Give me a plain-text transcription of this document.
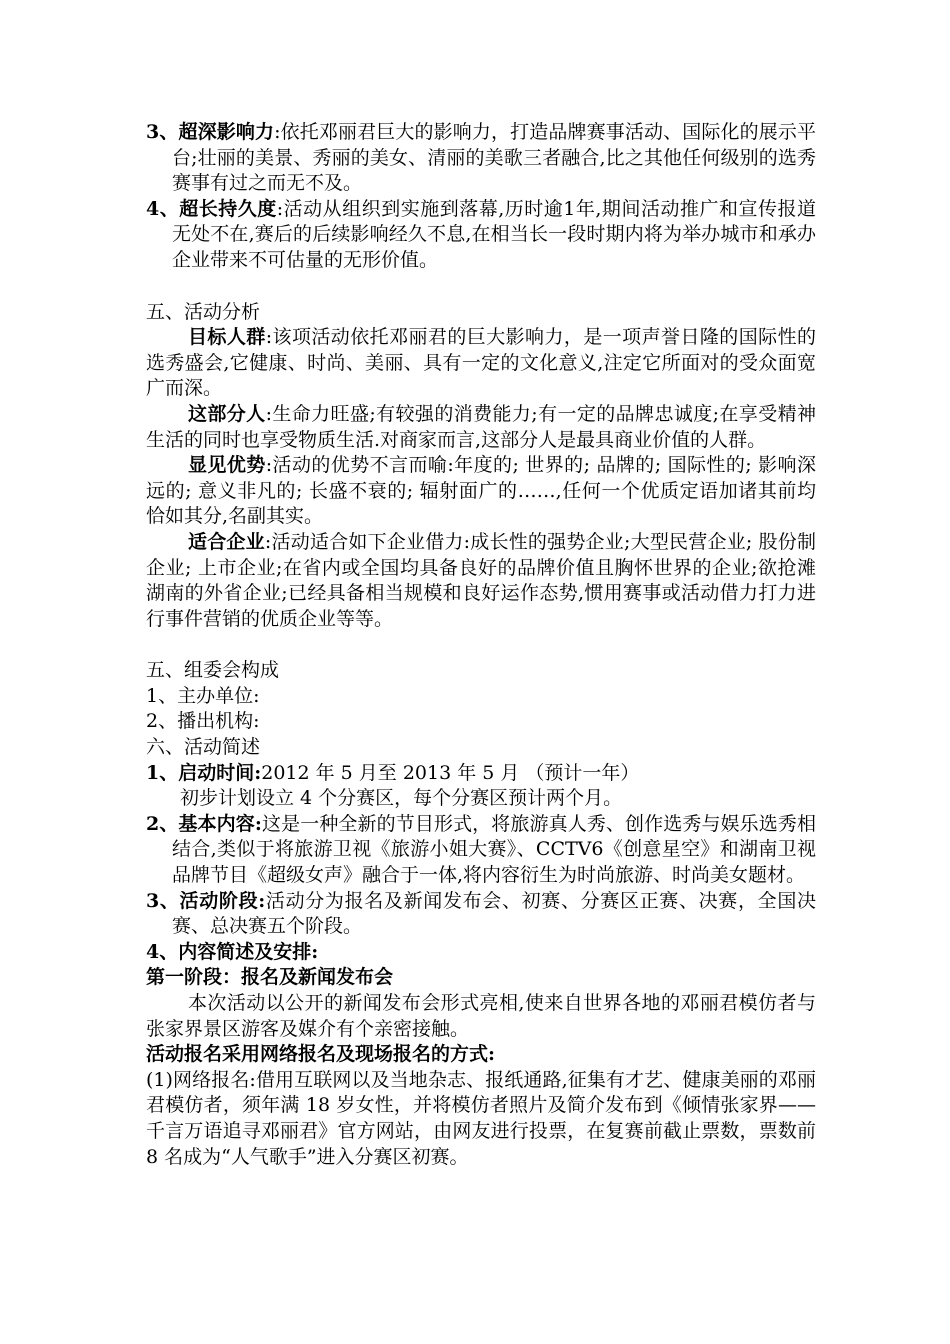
3、超深影响力:依托邓丽君巨大的影响力，打造品牌赛事活动、国际化的展示平台;壮丽的美景、秀丽的美女、清丽的美歌三者融合,比之其他任何级别的选秀赛事有过之而无不及。

4、超长持久度:活动从组织到实施到落幕,历时逾1年,期间活动推广和宣传报道无处不在,赛后的后续影响经久不息,在相当长一段时期内将为举办城市和承办企业带来不可估量的无形价值。

五、活动分析

目标人群:该项活动依托邓丽君的巨大影响力，是一项声誉日隆的国际性的选秀盛会,它健康、时尚、美丽、具有一定的文化意义,注定它所面对的受众面宽广而深。

这部分人:生命力旺盛;有较强的消费能力;有一定的品牌忠诚度;在享受精神生活的同时也享受物质生活.对商家而言,这部分人是最具商业价值的人群。

显见优势:活动的优势不言而喻:年度的; 世界的; 品牌的; 国际性的; 影响深远的; 意义非凡的; 长盛不衰的; 辐射面广的……,任何一个优质定语加诸其前均恰如其分,名副其实。

适合企业:活动适合如下企业借力:成长性的强势企业;大型民营企业; 股份制企业; 上市企业;在省内或全国均具备良好的品牌价值且胸怀世界的企业;欲抢滩湖南的外省企业;已经具备相当规模和良好运作态势,惯用赛事或活动借力打力进行事件营销的优质企业等等。

五、组委会构成

1、主办单位:

2、播出机构:

六、活动简述

1、启动时间:2012 年 5 月至 2013 年 5 月 （预计一年）

初步计划设立 4 个分赛区，每个分赛区预计两个月。

2、基本内容:这是一种全新的节目形式，将旅游真人秀、创作选秀与娱乐选秀相结合,类似于将旅游卫视《旅游小姐大赛》、CCTV6《创意星空》和湖南卫视品牌节目《超级女声》融合于一体,将内容衍生为时尚旅游、时尚美女题材。

3、活动阶段:活动分为报名及新闻发布会、初赛、分赛区正赛、决赛，全国决赛、总决赛五个阶段。

4、内容简述及安排:

第一阶段：报名及新闻发布会

本次活动以公开的新闻发布会形式亮相,使来自世界各地的邓丽君模仿者与张家界景区游客及媒介有个亲密接触。

活动报名采用网络报名及现场报名的方式:

(1)网络报名:借用互联网以及当地杂志、报纸通路,征集有才艺、健康美丽的邓丽君模仿者，须年满 18 岁女性，并将模仿者照片及简介发布到《倾情张家界——千言万语追寻邓丽君》官方网站，由网友进行投票，在复赛前截止票数，票数前 8 名成为“人气歌手”进入分赛区初赛。
